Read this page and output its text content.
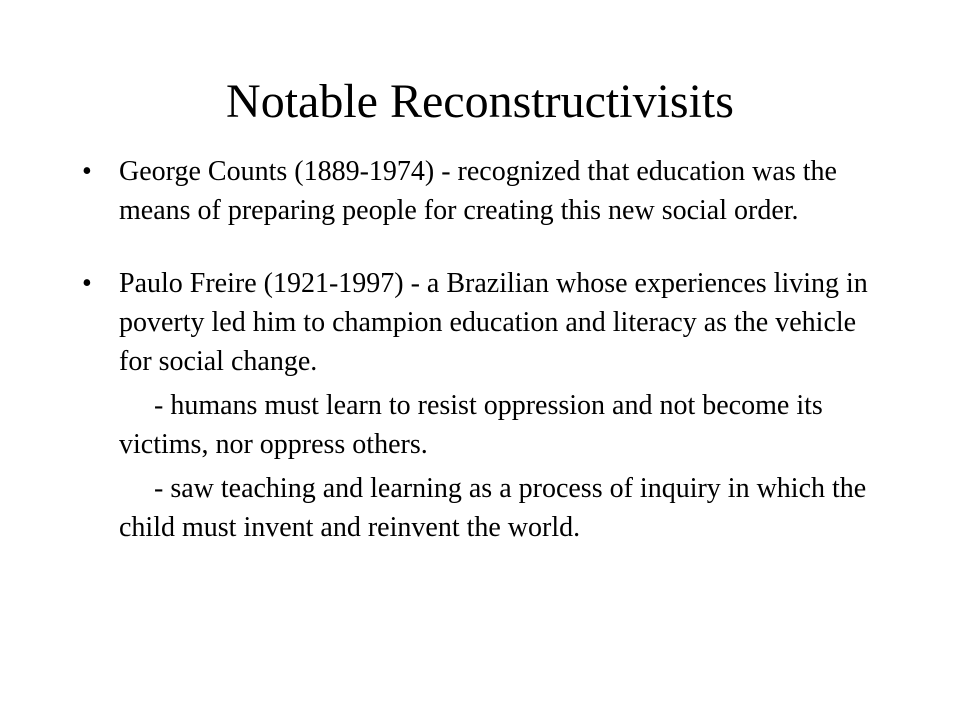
Notable Reconstructivisits
• George Counts (1889-1974) - recognized that education was the means of preparing people for creating this new social order.
• Paulo Freire (1921-1997) - a Brazilian whose experiences living in poverty led him to champion education and literacy as the vehicle for social change.
- humans must learn to resist oppression and not become its victims, nor oppress others.
- saw teaching and learning as a process of inquiry in which the child must invent and reinvent the world.
